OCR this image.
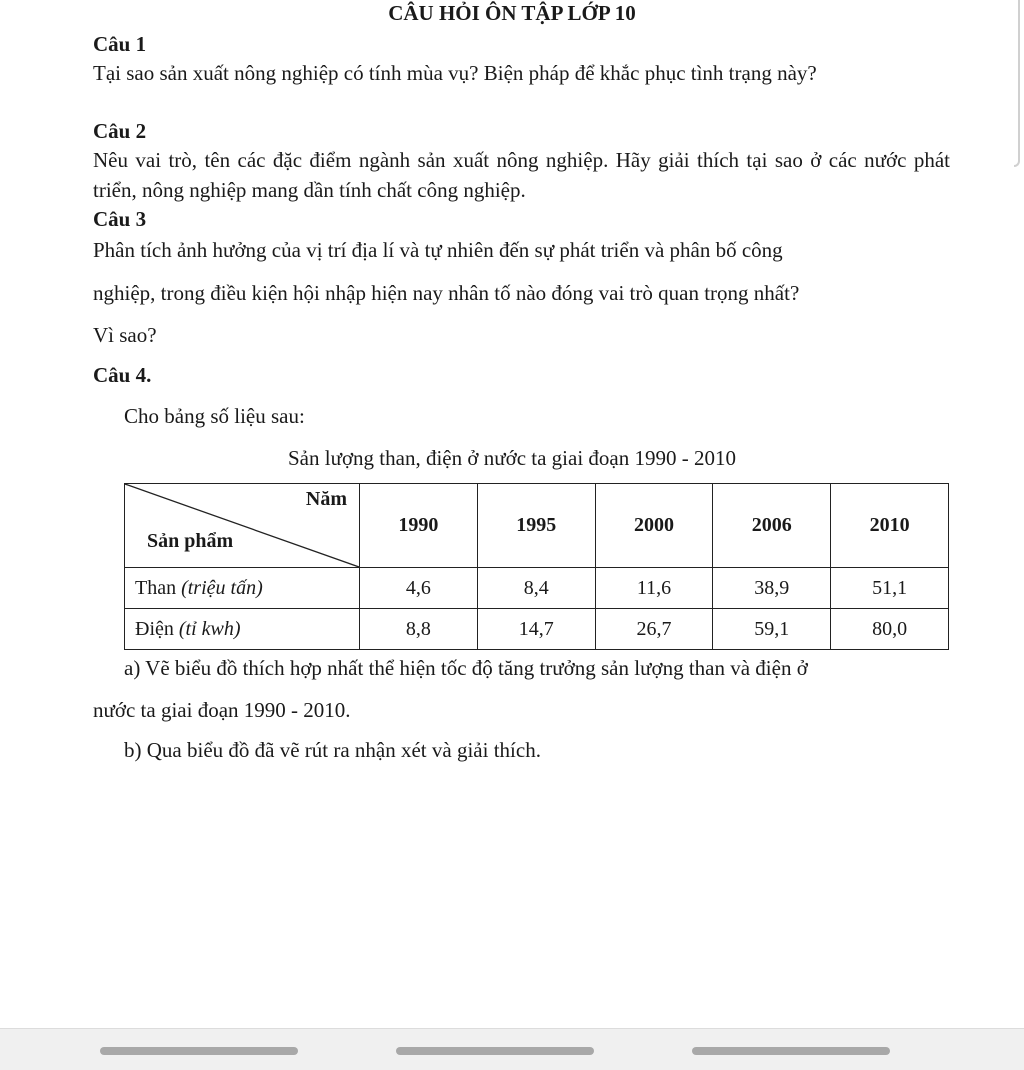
CÂU HỎI ÔN TẬP LỚP 10
Câu 1
Tại sao sản xuất nông nghiệp có tính mùa vụ? Biện pháp để khắc phục tình trạng này?
Câu 2
Nêu vai trò, tên các đặc điểm ngành sản xuất nông nghiệp. Hãy giải thích tại sao ở các nước phát triển, nông nghiệp mang dần tính chất công nghiệp.
Câu 3
Phân tích ảnh hưởng của vị trí địa lí và tự nhiên đến sự phát triển và phân bố công
nghiệp, trong điều kiện hội nhập hiện nay nhân tố nào đóng vai trò quan trọng nhất?
Vì sao?
Câu 4.
Cho bảng số liệu sau:
Sản lượng than, điện ở nước ta giai đoạn 1990 - 2010
Năm
Sản phẩm	1990	1995	2000	2006	2010
Than (triệu tấn)	4,6	8,4	11,6	38,9	51,1
Điện (tỉ kwh)	8,8	14,7	26,7	59,1	80,0
a) Vẽ biểu đồ thích hợp nhất thể hiện tốc độ tăng trưởng sản lượng than và điện ở
nước ta giai đoạn 1990 - 2010.
b) Qua biểu đồ đã vẽ rút ra nhận xét và giải thích.
